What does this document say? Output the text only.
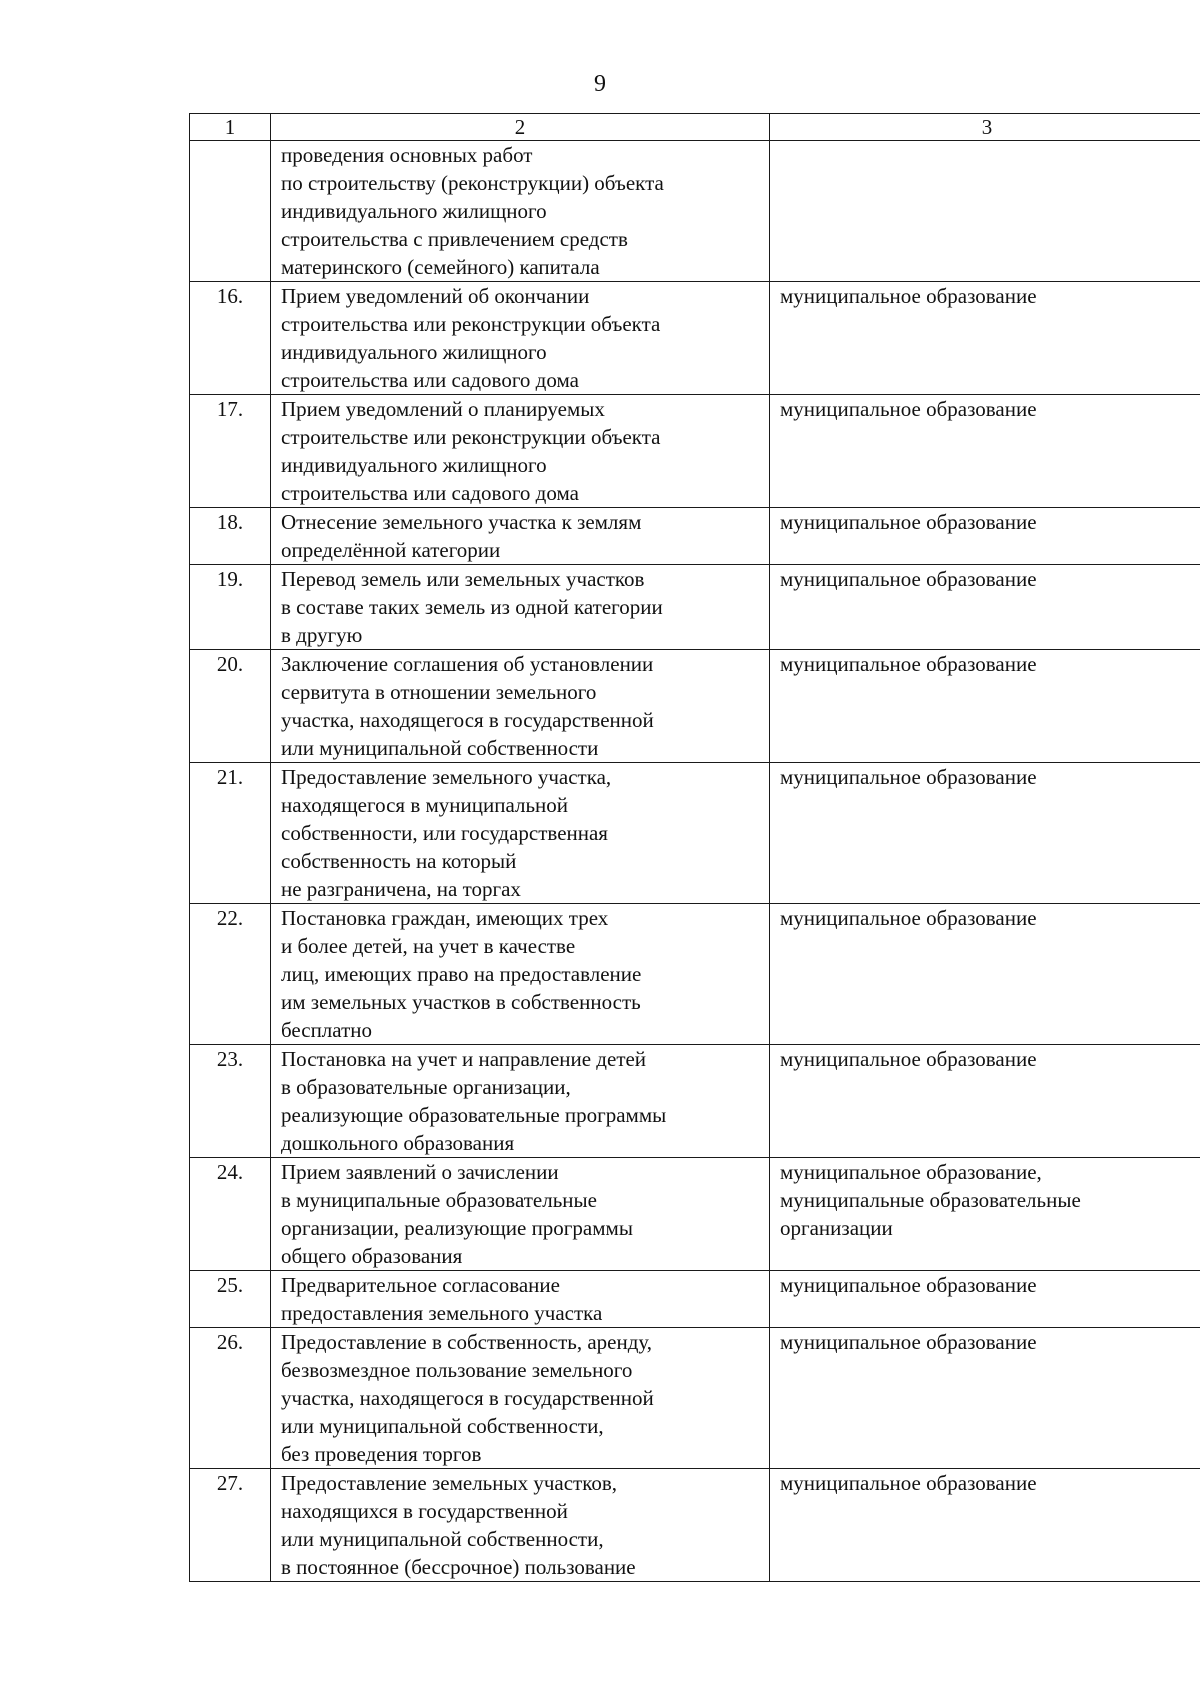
9
1	2	3

	проведения основных работ
по строительству (реконструкции) объекта
индивидуального жилищного
строительства с привлечением средств
материнского (семейного) капитала	

16.	Прием уведомлений об окончании
строительства или реконструкции объекта
индивидуального жилищного
строительства или садового дома	муниципальное образование

17.	Прием уведомлений о планируемых
строительстве или реконструкции объекта
индивидуального жилищного
строительства или садового дома	муниципальное образование

18.	Отнесение земельного участка к землям
определённой категории	муниципальное образование

19.	Перевод земель или земельных участков
в составе таких земель из одной категории
в другую	муниципальное образование

20.	Заключение соглашения об установлении
сервитута в отношении земельного
участка, находящегося в государственной
или муниципальной собственности	муниципальное образование

21.	Предоставление земельного участка,
находящегося в муниципальной
собственности, или государственная
собственность на который
не разграничена, на торгах	муниципальное образование

22.	Постановка граждан, имеющих трех
и более детей, на учет в качестве
лиц, имеющих право на предоставление
им земельных участков в собственность
бесплатно	муниципальное образование

23.	Постановка на учет и направление детей
в образовательные организации,
реализующие образовательные программы
дошкольного образования	муниципальное образование

24.	Прием заявлений о зачислении
в муниципальные образовательные
организации, реализующие программы
общего образования	муниципальное образование,
муниципальные образовательные
организации

25.	Предварительное согласование
предоставления земельного участка	муниципальное образование

26.	Предоставление в собственность, аренду,
безвозмездное пользование земельного
участка, находящегося в государственной
или муниципальной собственности,
без проведения торгов	муниципальное образование

27.	Предоставление земельных участков,
находящихся в государственной
или муниципальной собственности,
в постоянное (бессрочное) пользование	муниципальное образование
